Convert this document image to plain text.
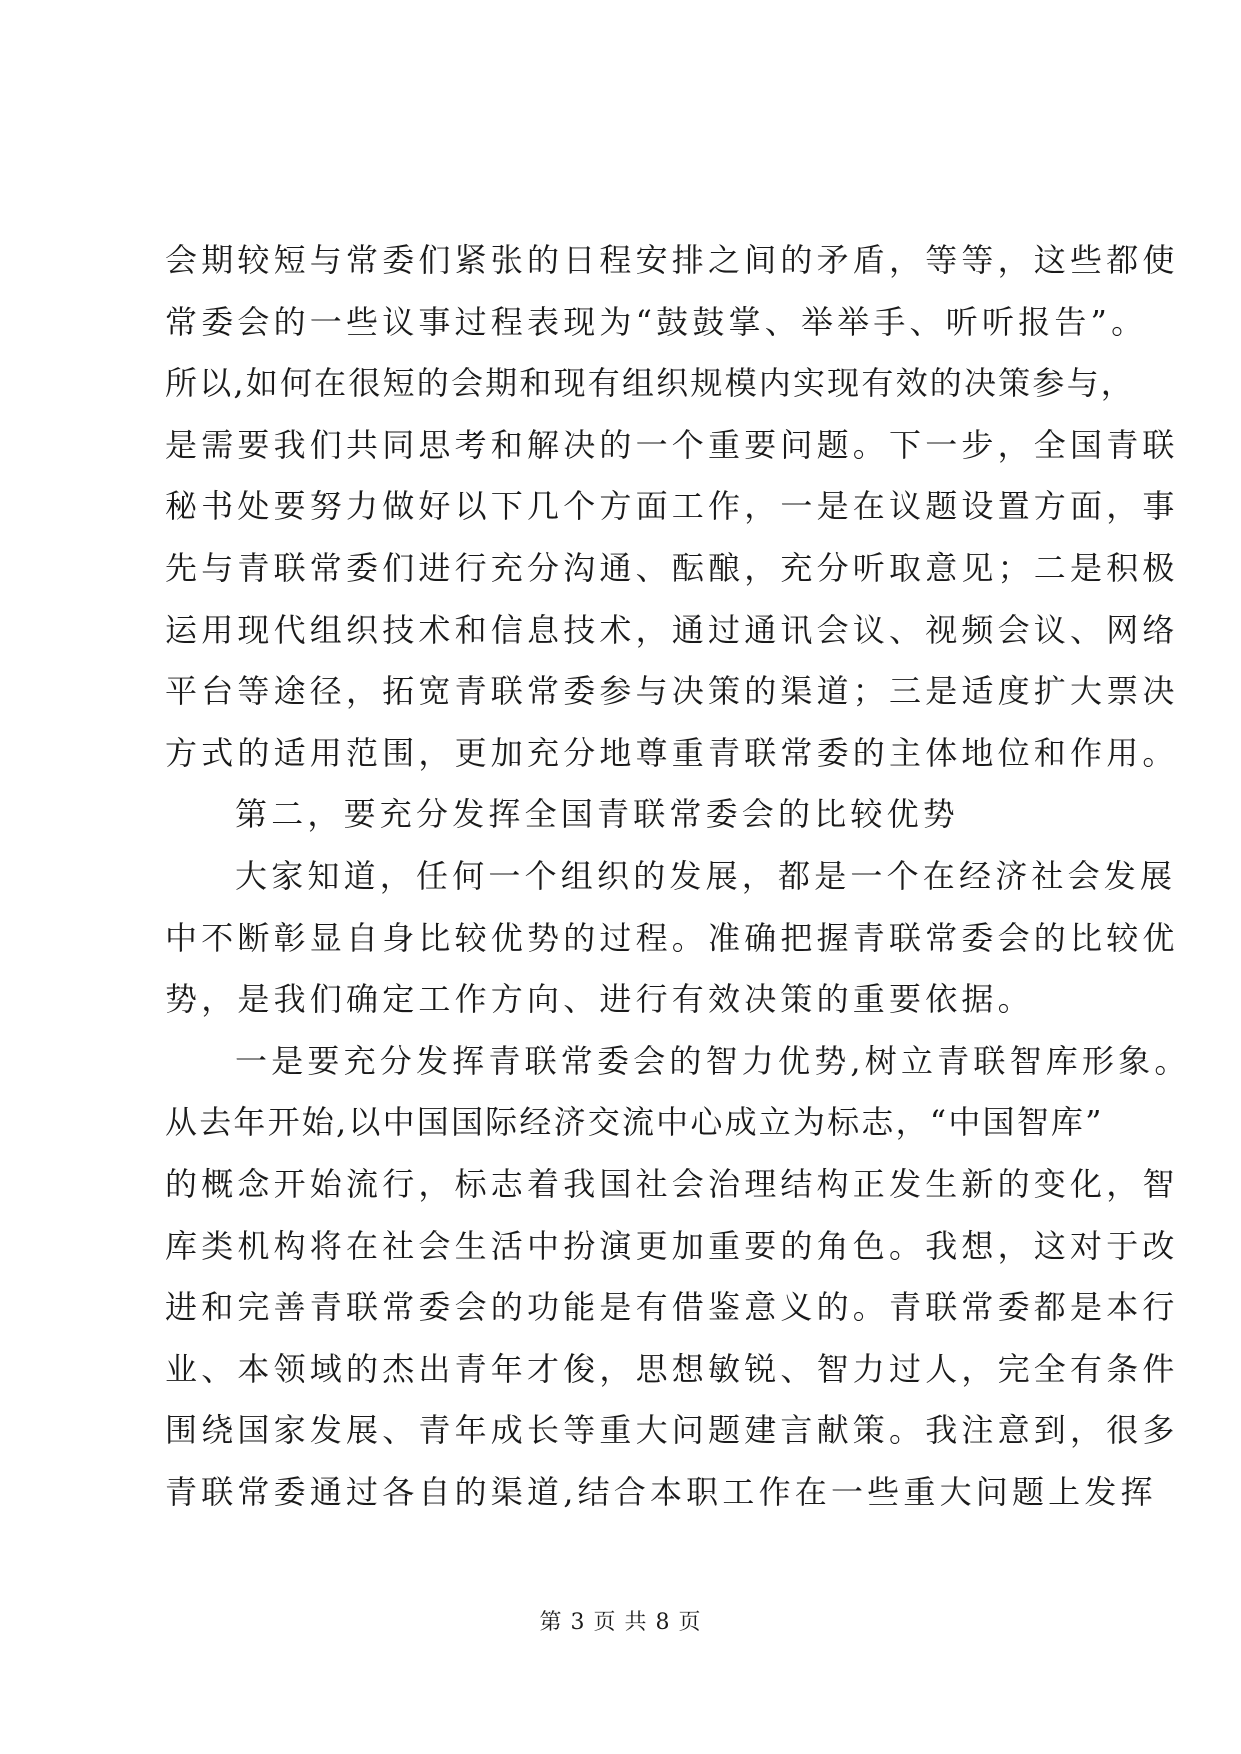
会期较短与常委们紧张的日程安排之间的矛盾，等等，这些都使
常委会的一些议事过程表现为“鼓鼓掌、举举手、听听报告”。
所以,如何在很短的会期和现有组织规模内实现有效的决策参与，
是需要我们共同思考和解决的一个重要问题。下一步，全国青联
秘书处要努力做好以下几个方面工作，一是在议题设置方面，事
先与青联常委们进行充分沟通、酝酿，充分听取意见；二是积极
运用现代组织技术和信息技术，通过通讯会议、视频会议、网络
平台等途径，拓宽青联常委参与决策的渠道；三是适度扩大票决
方式的适用范围，更加充分地尊重青联常委的主体地位和作用。
第二，要充分发挥全国青联常委会的比较优势
大家知道，任何一个组织的发展，都是一个在经济社会发展
中不断彰显自身比较优势的过程。准确把握青联常委会的比较优
势，是我们确定工作方向、进行有效决策的重要依据。
一是要充分发挥青联常委会的智力优势,树立青联智库形象。
从去年开始,以中国国际经济交流中心成立为标志，“中国智库”
的概念开始流行，标志着我国社会治理结构正发生新的变化，智
库类机构将在社会生活中扮演更加重要的角色。我想，这对于改
进和完善青联常委会的功能是有借鉴意义的。青联常委都是本行
业、本领域的杰出青年才俊，思想敏锐、智力过人，完全有条件
围绕国家发展、青年成长等重大问题建言献策。我注意到，很多
青联常委通过各自的渠道,结合本职工作在一些重大问题上发挥
第 3 页 共 8 页
